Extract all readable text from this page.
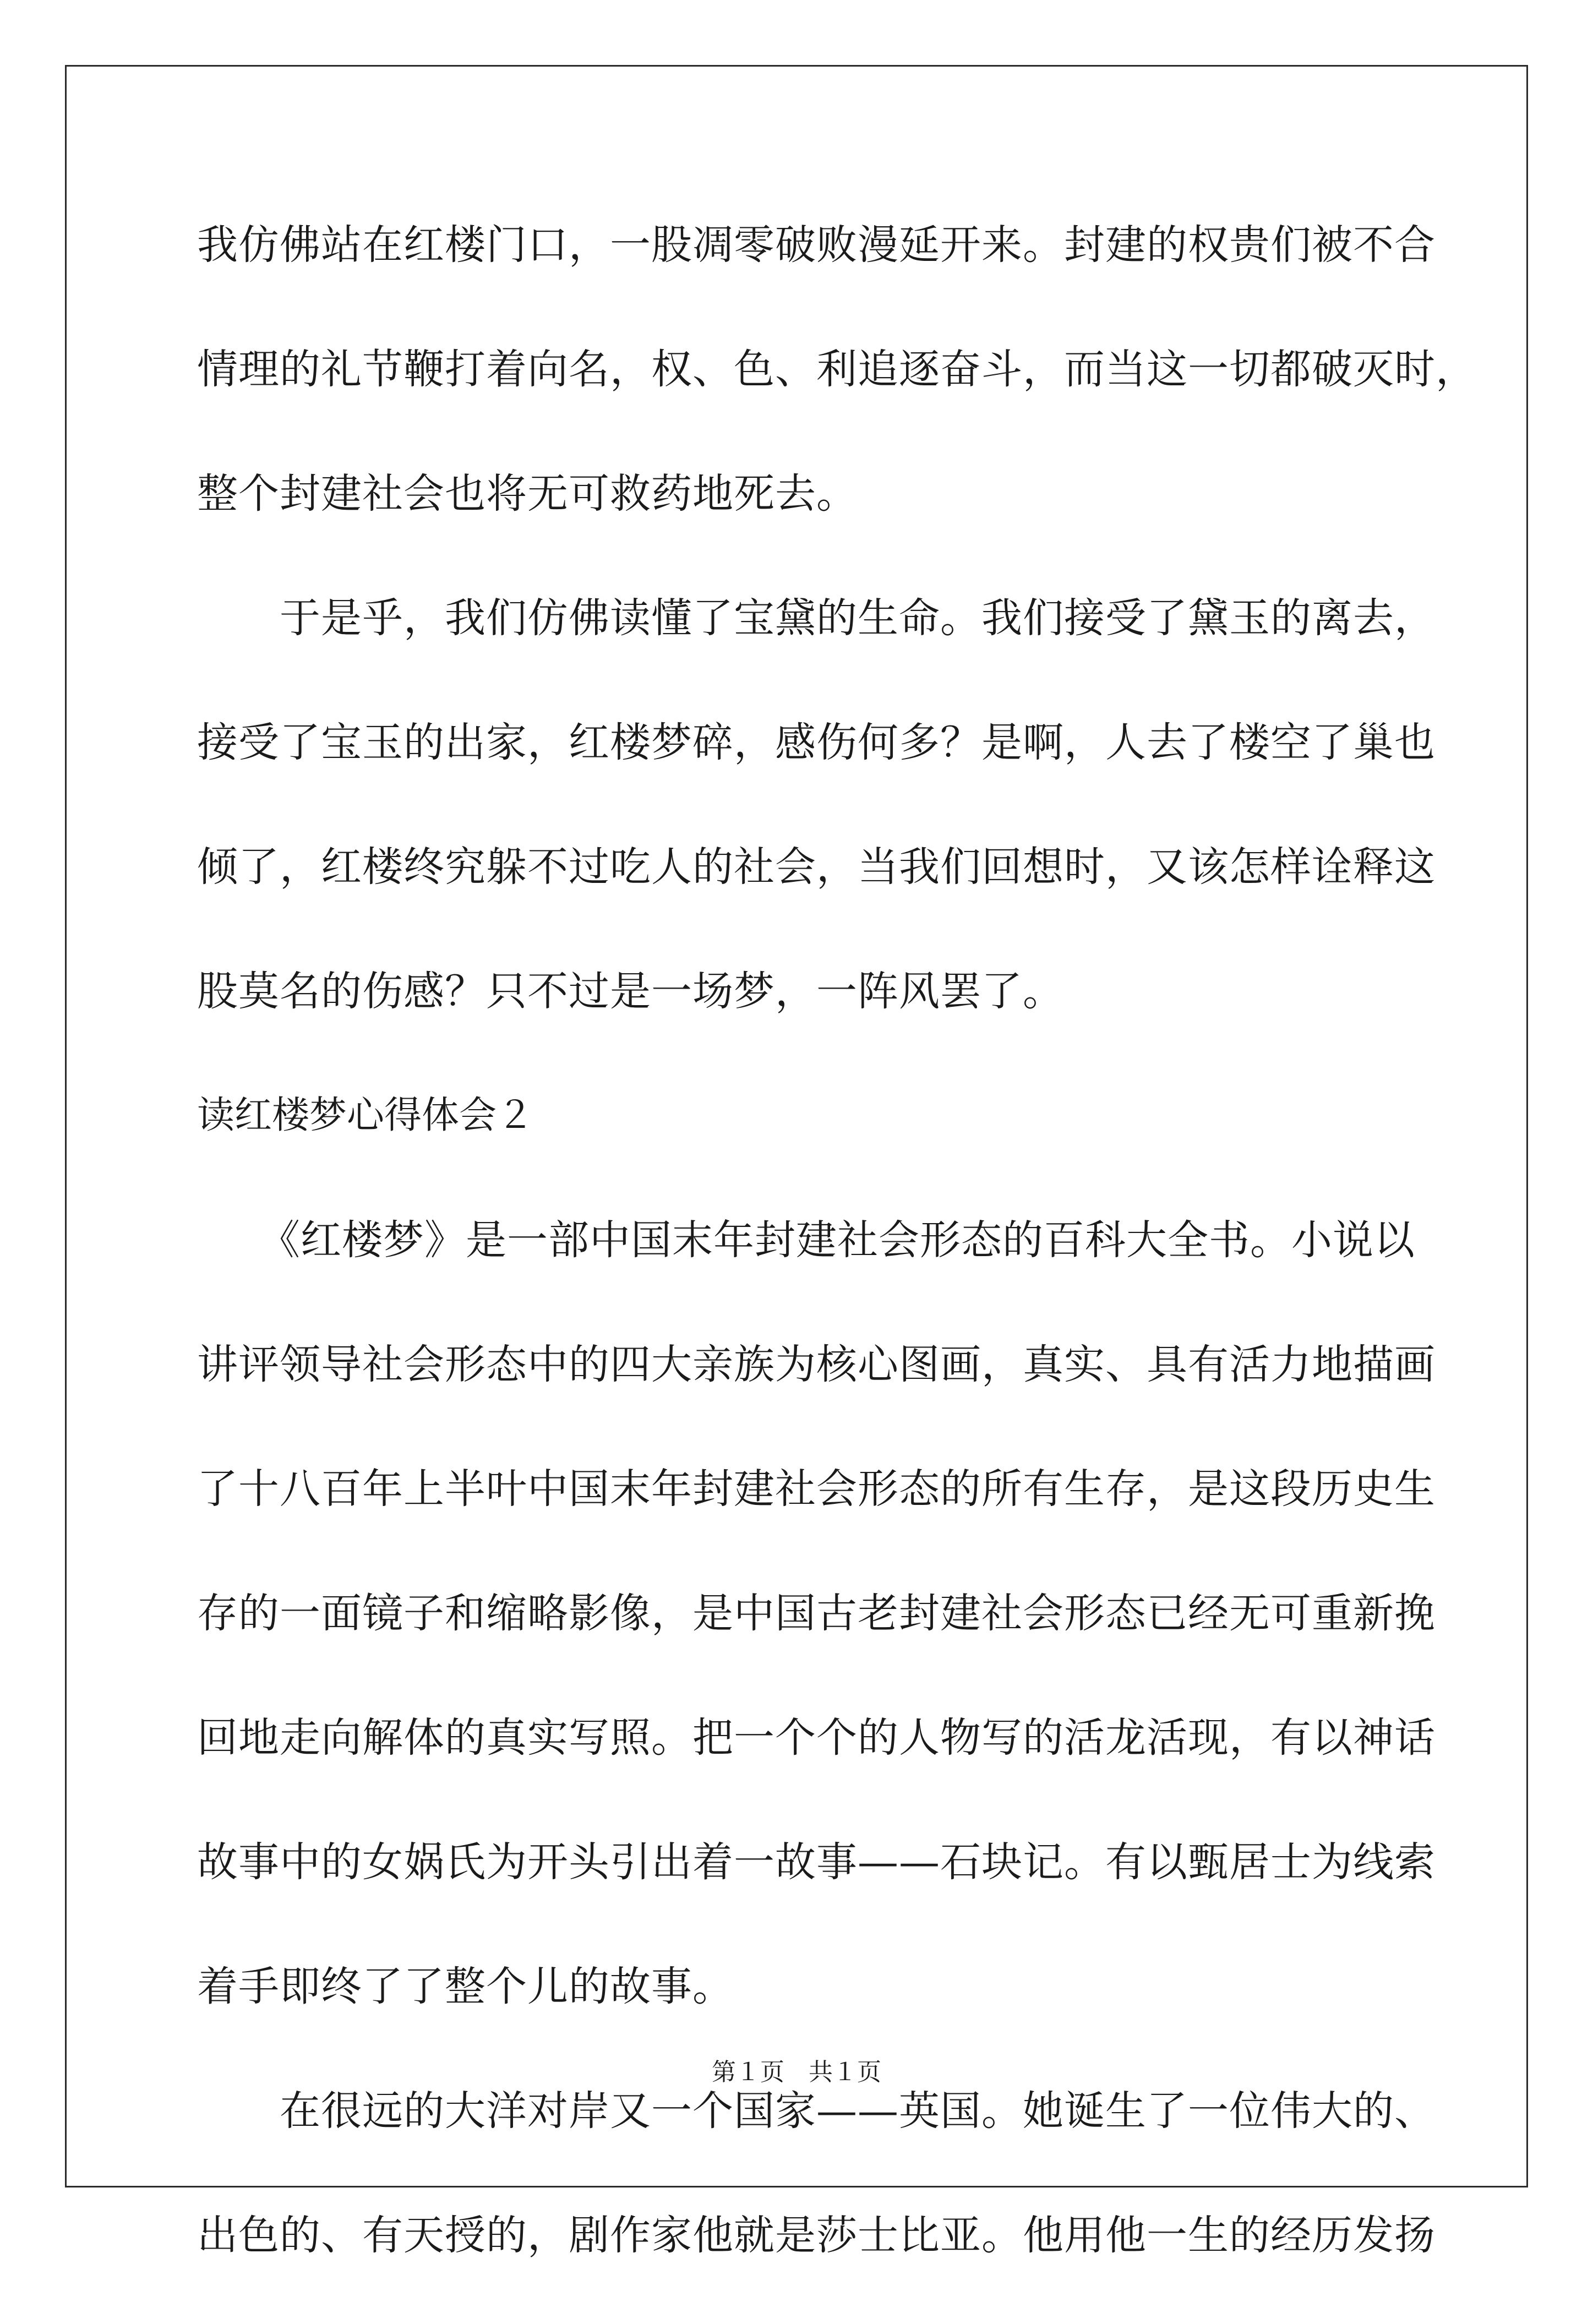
我仿佛站在红楼门口，一股凋零破败漫延开来。封建的权贵们被不合
情理的礼节鞭打着向名，权、色、利追逐奋斗，而当这一切都破灭时，
整个封建社会也将无可救药地死去。
　　于是乎，我们仿佛读懂了宝黛的生命。我们接受了黛玉的离去，
接受了宝玉的出家，红楼梦碎，感伤何多？是啊，人去了楼空了巢也
倾了，红楼终究躲不过吃人的社会，当我们回想时，又该怎样诠释这
股莫名的伤感？只不过是一场梦，一阵风罢了。
读红楼梦心得体会２
　　《红楼梦》是一部中国末年封建社会形态的百科大全书。小说以
讲评领导社会形态中的四大亲族为核心图画，真实、具有活力地描画
了十八百年上半叶中国末年封建社会形态的所有生存，是这段历史生
存的一面镜子和缩略影像，是中国古老封建社会形态已经无可重新挽
回地走向解体的真实写照。把一个个的人物写的活龙活现，有以神话
故事中的女娲氏为开头引出着一故事——石块记。有以甄居士为线索
着手即终了了整个儿的故事。
　　在很远的大洋对岸又一个国家——英国。她诞生了一位伟大的、
出色的、有天授的，剧作家他就是莎士比亚。他用他一生的经历发扬
第１页　共１页
